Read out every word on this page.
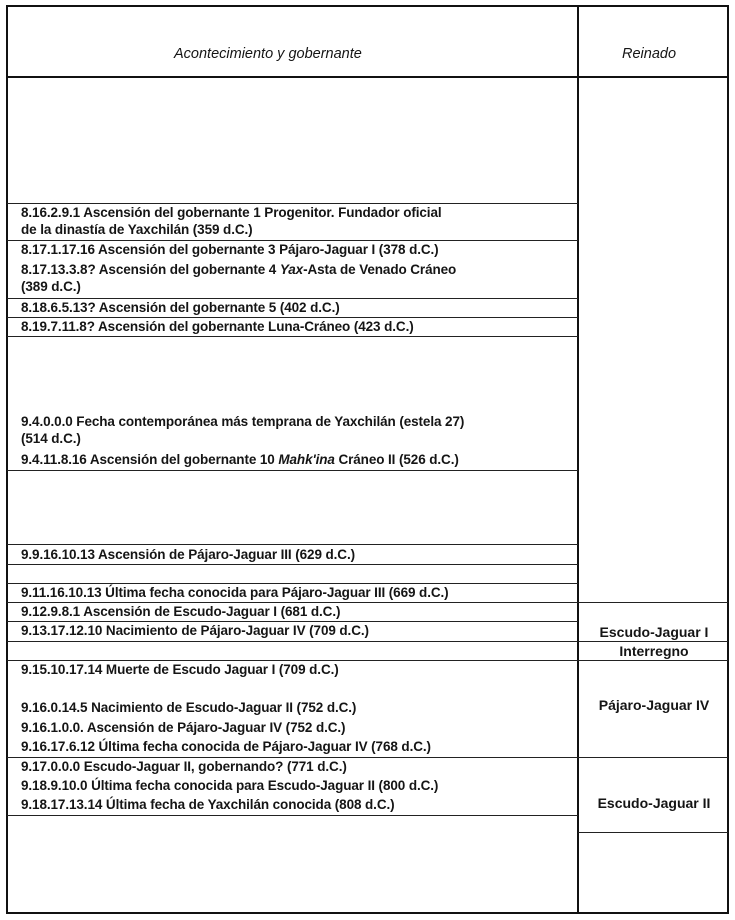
Acontecimiento y gobernante	Reinado
8.16.2.9.1 Ascensión del gobernante 1 Progenitor. Fundador oficial
de la dinastía de Yaxchilán (359 d.C.)
8.17.1.17.16 Ascensión del gobernante 3 Pájaro-Jaguar I (378 d.C.)
8.17.13.3.8? Ascensión del gobernante 4 Yax-Asta de Venado Cráneo
(389 d.C.)
8.18.6.5.13? Ascensión del gobernante 5 (402 d.C.)
8.19.7.11.8? Ascensión del gobernante Luna-Cráneo (423 d.C.)
9.4.0.0.0 Fecha contemporánea más temprana de Yaxchilán (estela 27)
(514 d.C.)
9.4.11.8.16 Ascensión del gobernante 10 Mahk'ina Cráneo II (526 d.C.)
9.9.16.10.13 Ascensión de Pájaro-Jaguar III (629 d.C.)
9.11.16.10.13 Última fecha conocida para Pájaro-Jaguar III (669 d.C.)
9.12.9.8.1 Ascensión de Escudo-Jaguar I (681 d.C.)
9.13.17.12.10 Nacimiento de Pájaro-Jaguar IV (709 d.C.)
9.15.10.17.14 Muerte de Escudo Jaguar I (709 d.C.)
9.16.0.14.5 Nacimiento de Escudo-Jaguar II (752 d.C.)
9.16.1.0.0. Ascensión de Pájaro-Jaguar IV (752 d.C.)
9.16.17.6.12 Última fecha conocida de Pájaro-Jaguar IV (768 d.C.)
9.17.0.0.0 Escudo-Jaguar II, gobernando? (771 d.C.)
9.18.9.10.0 Última fecha conocida para Escudo-Jaguar II (800 d.C.)
9.18.17.13.14 Última fecha de Yaxchilán conocida (808 d.C.)
Escudo-Jaguar I
Interregno
Pájaro-Jaguar IV
Escudo-Jaguar II
